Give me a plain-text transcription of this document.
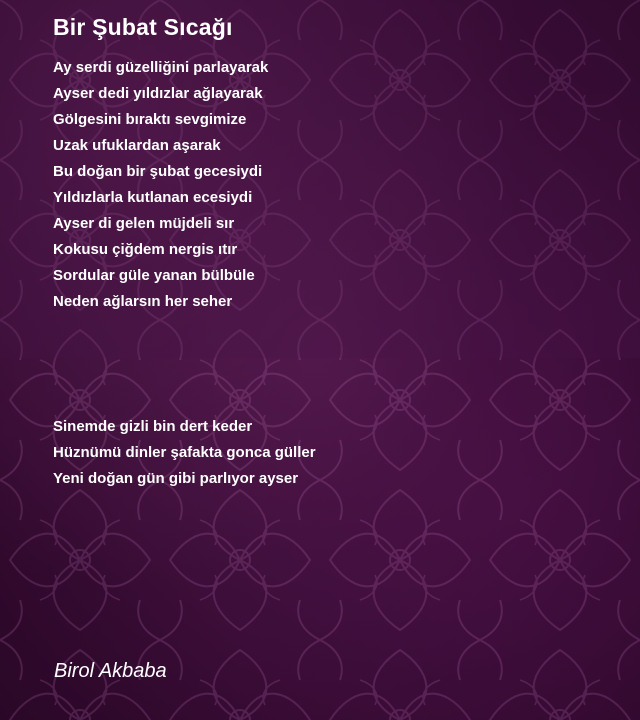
Bir Şubat Sıcağı
Ay serdi güzelliğini parlayarak
Ayser dedi yıldızlar ağlayarak
Gölgesini bıraktı sevgimize
Uzak ufuklardan aşarak
Bu doğan bir şubat gecesiydi
Yıldızlarla kutlanan ecesiydi
Ayser di gelen müjdeli sır
Kokusu çiğdem nergis ıtır
Sordular güle yanan bülbüle
Neden ağlarsın her seher
Sinemde gizli bin dert keder
Hüznümü dinler şafakta gonca güller
Yeni doğan gün gibi parlıyor ayser

Birol Akbaba
